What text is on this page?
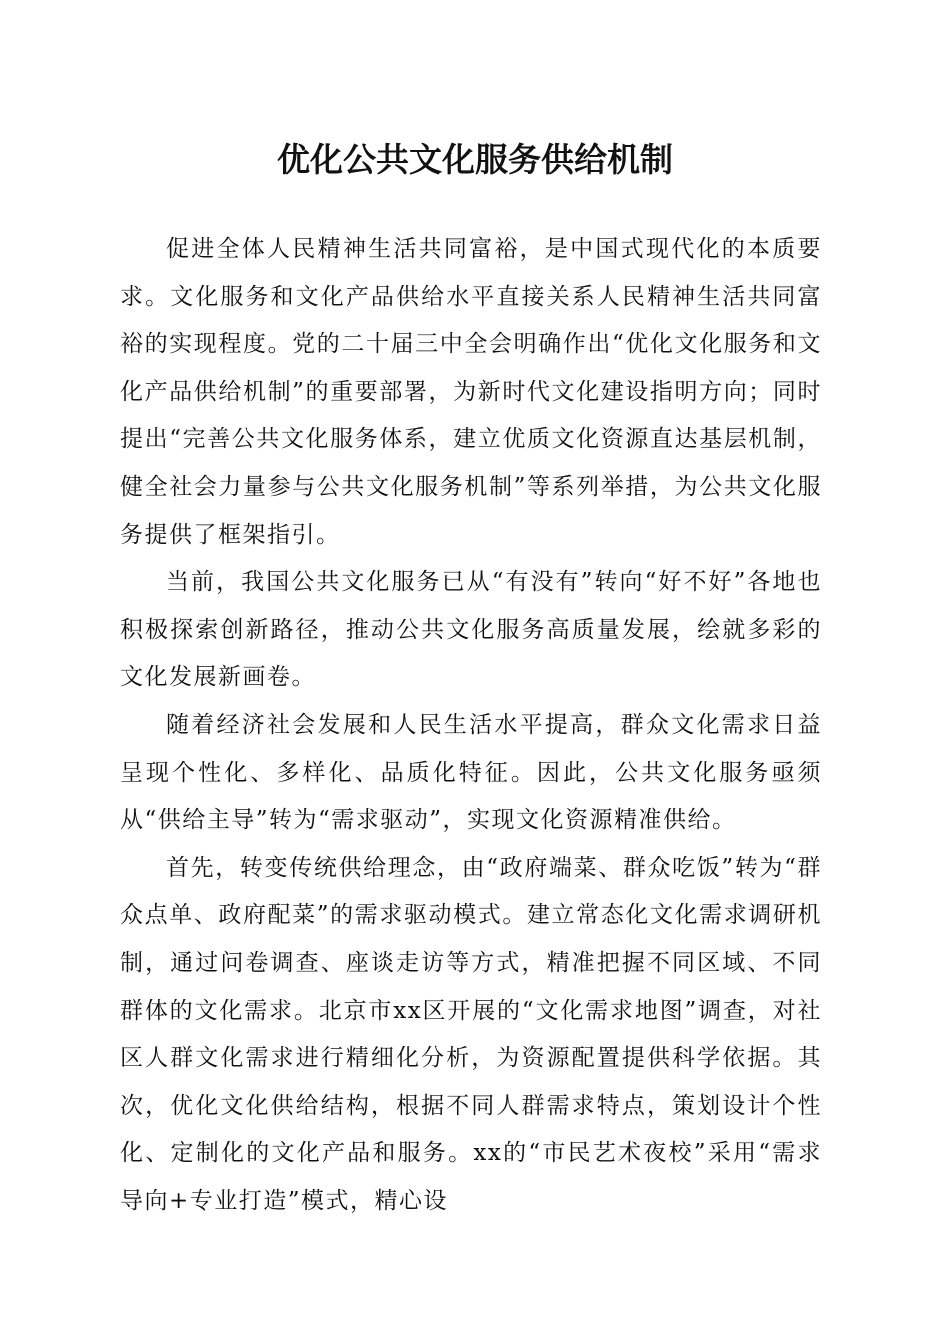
优化公共文化服务供给机制

促进全体人民精神生活共同富裕，是中国式现代化的本质要求。文化服务和文化产品供给水平直接关系人民精神生活共同富裕的实现程度。党的二十届三中全会明确作出“优化文化服务和文化产品供给机制”的重要部署，为新时代文化建设指明方向；同时提出“完善公共文化服务体系，建立优质文化资源直达基层机制，健全社会力量参与公共文化服务机制”等系列举措，为公共文化服务提供了框架指引。

当前，我国公共文化服务已从“有没有”转向“好不好”各地也积极探索创新路径，推动公共文化服务高质量发展，绘就多彩的文化发展新画卷。

随着经济社会发展和人民生活水平提高，群众文化需求日益呈现个性化、多样化、品质化特征。因此，公共文化服务亟须从“供给主导”转为“需求驱动”，实现文化资源精准供给。

首先，转变传统供给理念，由“政府端菜、群众吃饭”转为“群众点单、政府配菜”的需求驱动模式。建立常态化文化需求调研机制，通过问卷调查、座谈走访等方式，精准把握不同区域、不同群体的文化需求。北京市xx区开展的“文化需求地图”调查，对社区人群文化需求进行精细化分析，为资源配置提供科学依据。其次，优化文化供给结构，根据不同人群需求特点，策划设计个性化、定制化的文化产品和服务。xx的“市民艺术夜校”采用“需求导向+专业打造”模式，精心设
